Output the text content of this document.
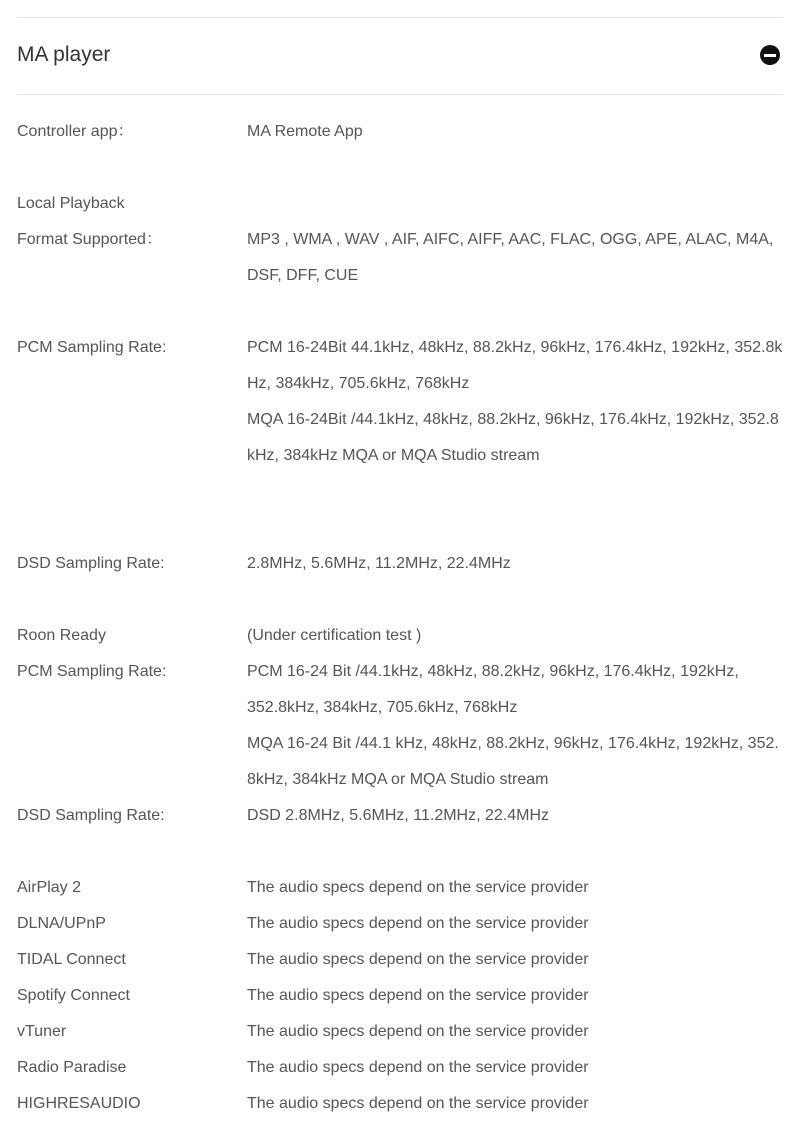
MA player
Controller app：	MA Remote App
Local Playback
Format Supported：	MP3 , WMA , WAV , AIF, AIFC, AIFF, AAC, FLAC, OGG, APE, ALAC, M4A, DSF, DFF, CUE
PCM Sampling Rate:	PCM 16-24Bit 44.1kHz, 48kHz, 88.2kHz, 96kHz, 176.4kHz, 192kHz, 352.8kHz, 384kHz, 705.6kHz, 768kHz
MQA 16-24Bit /44.1kHz, 48kHz, 88.2kHz, 96kHz, 176.4kHz, 192kHz, 352.8kHz, 384kHz MQA or MQA Studio stream
DSD Sampling Rate:	2.8MHz, 5.6MHz, 11.2MHz, 22.4MHz
Roon Ready	(Under certification test )
PCM Sampling Rate:	PCM 16-24 Bit /44.1kHz, 48kHz, 88.2kHz, 96kHz, 176.4kHz, 192kHz,
352.8kHz, 384kHz, 705.6kHz, 768kHz
MQA 16-24 Bit /44.1 kHz, 48kHz, 88.2kHz, 96kHz, 176.4kHz, 192kHz, 352.8kHz, 384kHz MQA or MQA Studio stream
DSD Sampling Rate:	DSD 2.8MHz, 5.6MHz, 11.2MHz, 22.4MHz
AirPlay 2	The audio specs depend on the service provider
DLNA/UPnP	The audio specs depend on the service provider
TIDAL Connect	The audio specs depend on the service provider
Spotify Connect	The audio specs depend on the service provider
vTuner	The audio specs depend on the service provider
Radio Paradise	The audio specs depend on the service provider
HIGHRESAUDIO	The audio specs depend on the service provider
